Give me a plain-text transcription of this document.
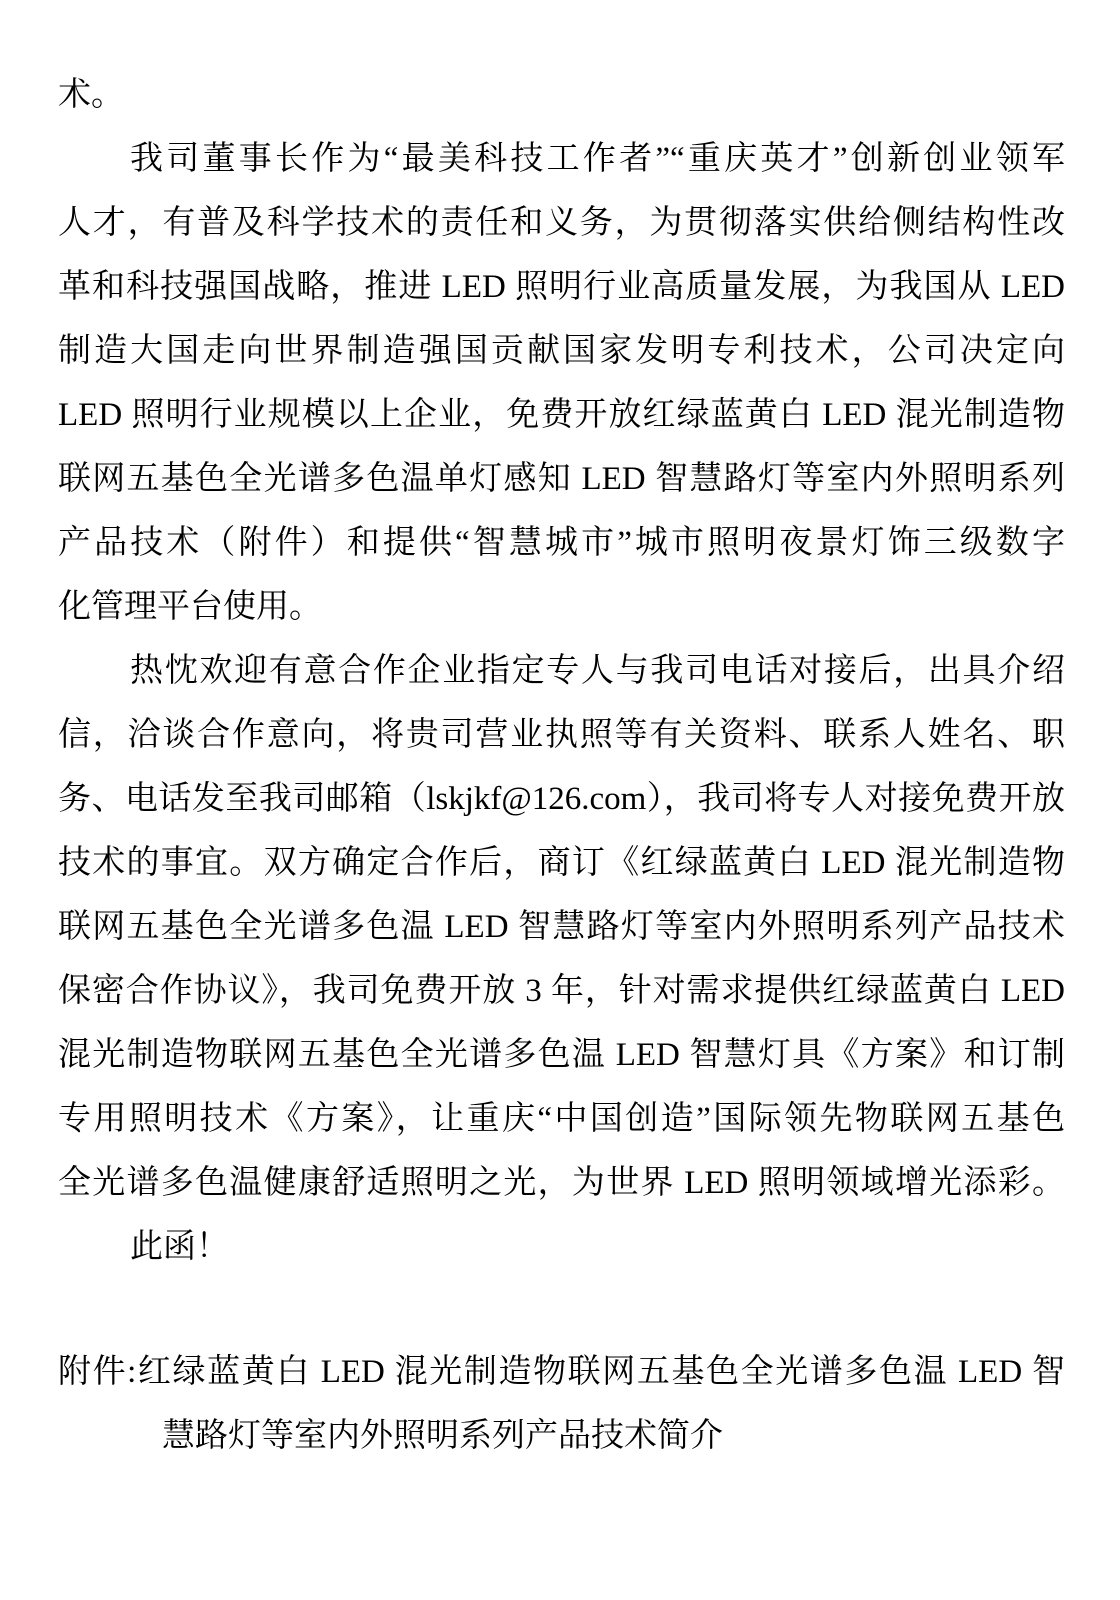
术。
我司董事长作为“最美科技工作者”“重庆英才”创新创业领军
人才，有普及科学技术的责任和义务，为贯彻落实供给侧结构性改
革和科技强国战略，推进 LED 照明行业高质量发展，为我国从 LED
制造大国走向世界制造强国贡献国家发明专利技术，公司决定向
LED 照明行业规模以上企业，免费开放红绿蓝黄白 LED 混光制造物
联网五基色全光谱多色温单灯感知 LED 智慧路灯等室内外照明系列
产品技术（附件）和提供“智慧城市”城市照明夜景灯饰三级数字
化管理平台使用。
热忱欢迎有意合作企业指定专人与我司电话对接后，出具介绍
信，洽谈合作意向，将贵司营业执照等有关资料、联系人姓名、职
务、电话发至我司邮箱（lskjkf@126.com），我司将专人对接免费开放
技术的事宜。双方确定合作后，商订《红绿蓝黄白 LED 混光制造物
联网五基色全光谱多色温 LED 智慧路灯等室内外照明系列产品技术
保密合作协议》，我司免费开放 3 年，针对需求提供红绿蓝黄白 LED
混光制造物联网五基色全光谱多色温 LED 智慧灯具《方案》和订制
专用照明技术《方案》，让重庆“中国创造”国际领先物联网五基色
全光谱多色温健康舒适照明之光，为世界 LED 照明领域增光添彩。
此函！
附件:红绿蓝黄白 LED 混光制造物联网五基色全光谱多色温 LED 智
慧路灯等室内外照明系列产品技术简介
